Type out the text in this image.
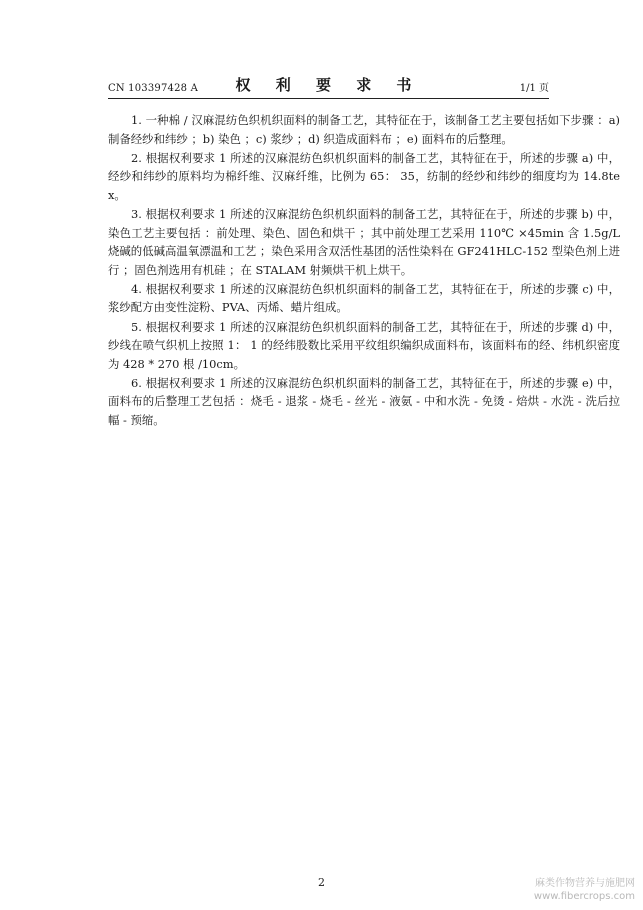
CN 103397428 A	权 利 要 求 书	1/1 页

1. 一种棉 / 汉麻混纺色织机织面料的制备工艺，其特征在于，该制备工艺主要包括如下步骤 ：a) 制备经纱和纬纱 ；b) 染色 ；c) 浆纱 ；d) 织造成面料布 ；e) 面料布的后整理。

2. 根据权利要求 1 所述的汉麻混纺色织机织面料的制备工艺，其特征在于，所述的步骤 a) 中，经纱和纬纱的原料均为棉纤维、汉麻纤维，比例为 65： 35，纺制的经纱和纬纱的细度均为 14.8tex。

3. 根据权利要求 1 所述的汉麻混纺色织机织面料的制备工艺，其特征在于，所述的步骤 b) 中，染色工艺主要包括 ：前处理、染色、固色和烘干 ；其中前处理工艺采用 110℃ ×45min 含 1.5g/L 烧碱的低碱高温氧漂温和工艺 ；染色采用含双活性基团的活性染料在 GF241HLC-152 型染色剂上进行 ；固色剂选用有机硅 ；在 STALAM 射频烘干机上烘干。

4. 根据权利要求 1 所述的汉麻混纺色织机织面料的制备工艺，其特征在于，所述的步骤 c) 中，浆纱配方由变性淀粉、PVA、丙烯、蜡片组成。

5. 根据权利要求 1 所述的汉麻混纺色织机织面料的制备工艺，其特征在于，所述的步骤 d) 中，纱线在喷气织机上按照 1： 1 的经纬股数比采用平纹组织编织成面料布，该面料布的经、纬机织密度为 428 * 270 根 /10cm。

6. 根据权利要求 1 所述的汉麻混纺色织机织面料的制备工艺，其特征在于，所述的步骤 e) 中，面料布的后整理工艺包括 ：烧毛 - 退浆 - 烧毛 - 丝光 - 液氨 - 中和水洗 - 免烫 - 焙烘 - 水洗 - 洗后拉幅 - 预缩。

2	麻类作物营养与施肥网
www.fibercrops.com
